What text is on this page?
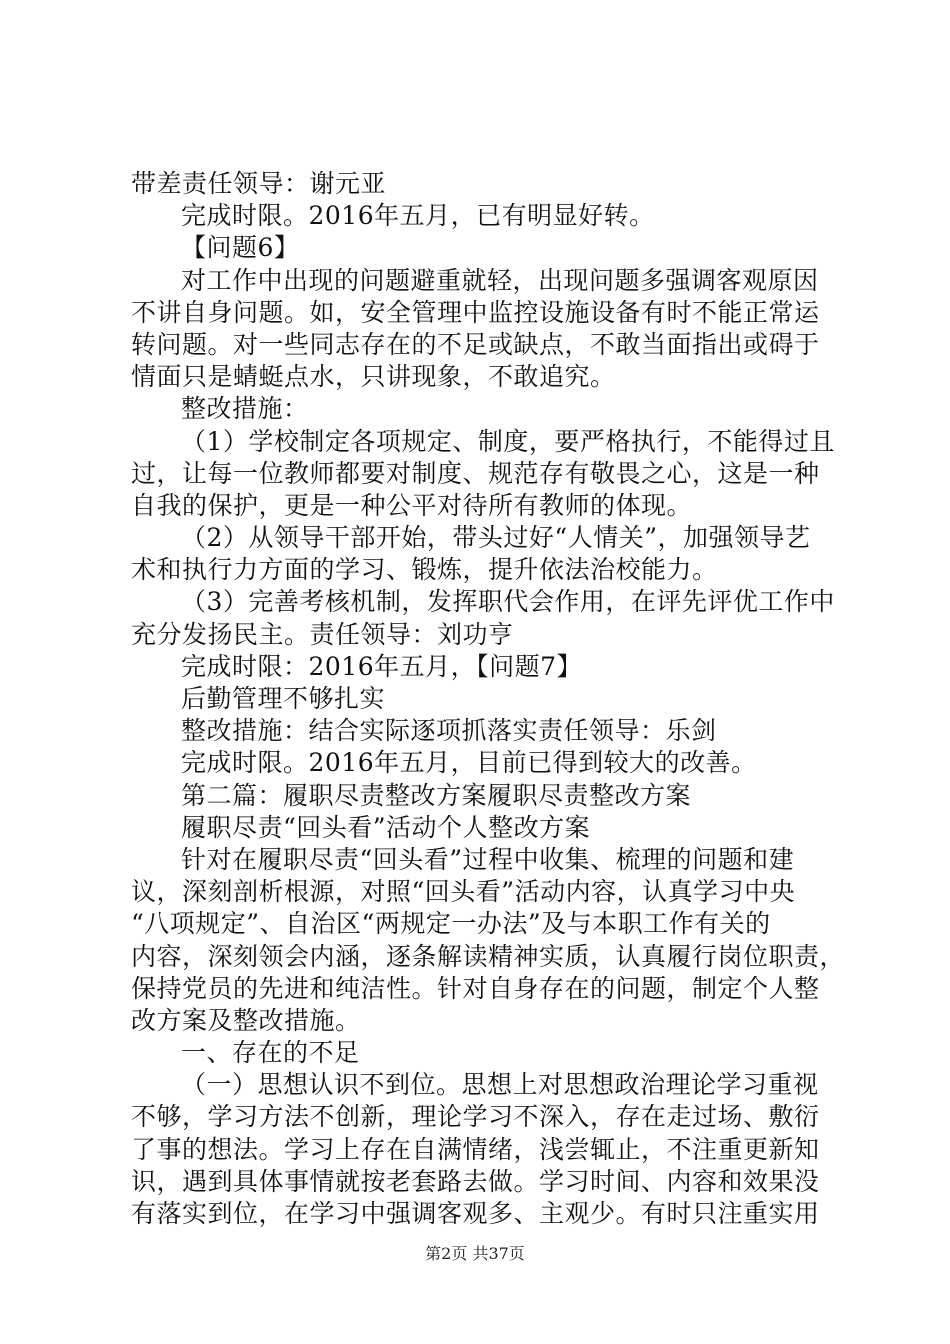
带差责任领导：谢元亚
完成时限。2016年五月，已有明显好转。
【问题6】
对工作中出现的问题避重就轻，出现问题多强调客观原因
不讲自身问题。如，安全管理中监控设施设备有时不能正常运
转问题。对一些同志存在的不足或缺点，不敢当面指出或碍于
情面只是蜻蜓点水，只讲现象，不敢追究。
整改措施：
（1）学校制定各项规定、制度，要严格执行，不能得过且
过，让每一位教师都要对制度、规范存有敬畏之心，这是一种
自我的保护，更是一种公平对待所有教师的体现。
（2）从领导干部开始，带头过好“人情关”，加强领导艺
术和执行力方面的学习、锻炼，提升依法治校能力。
（3）完善考核机制，发挥职代会作用，在评先评优工作中
充分发扬民主。责任领导：刘功亨
完成时限：2016年五月，【问题7】
后勤管理不够扎实
整改措施：结合实际逐项抓落实责任领导：乐剑
完成时限。2016年五月，目前已得到较大的改善。
第二篇：履职尽责整改方案履职尽责整改方案
履职尽责“回头看”活动个人整改方案
针对在履职尽责“回头看”过程中收集、梳理的问题和建
议，深刻剖析根源，对照“回头看”活动内容，认真学习中央
“八项规定”、自治区“两规定一办法”及与本职工作有关的
内容，深刻领会内涵，逐条解读精神实质，认真履行岗位职责，
保持党员的先进和纯洁性。针对自身存在的问题，制定个人整
改方案及整改措施。
一、存在的不足
（一）思想认识不到位。思想上对思想政治理论学习重视
不够，学习方法不创新，理论学习不深入，存在走过场、敷衍
了事的想法。学习上存在自满情绪，浅尝辄止，不注重更新知
识，遇到具体事情就按老套路去做。学习时间、内容和效果没
有落实到位，在学习中强调客观多、主观少。有时只注重实用
第2页 共37页
